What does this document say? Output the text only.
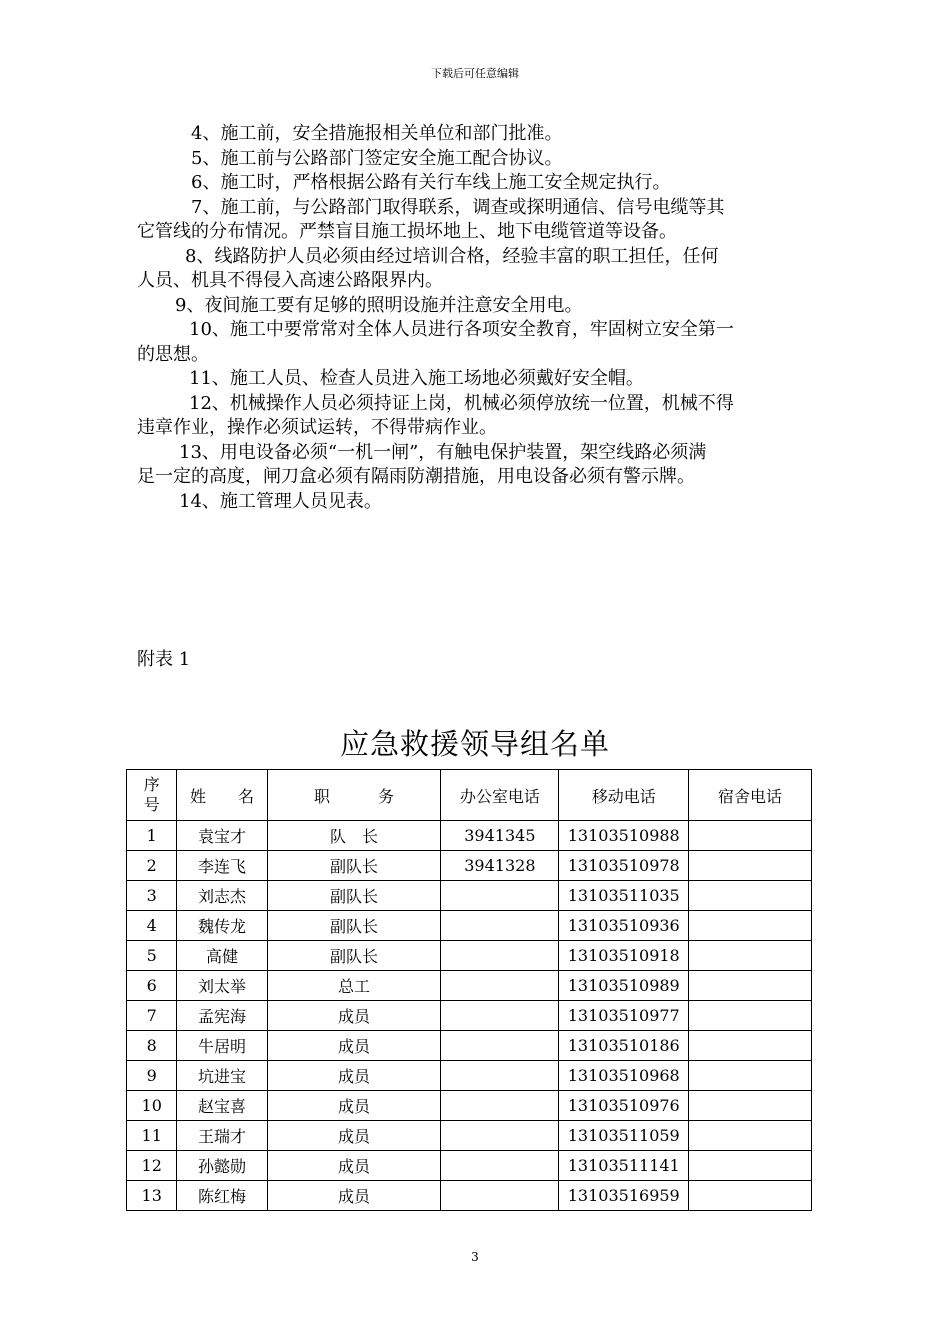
下载后可任意编辑
4、施工前，安全措施报相关单位和部门批准。
5、施工前与公路部门签定安全施工配合协议。
6、施工时，严格根据公路有关行车线上施工安全规定执行。
7、施工前，与公路部门取得联系，调查或探明通信、信号电缆等其
它管线的分布情况。严禁盲目施工损坏地上、地下电缆管道等设备。
8、线路防护人员必须由经过培训合格，经验丰富的职工担任，任何
人员、机具不得侵入高速公路限界内。
9、夜间施工要有足够的照明设施并注意安全用电。
10、施工中要常常对全体人员进行各项安全教育，牢固树立安全第一
的思想。
11、施工人员、检查人员进入施工场地必须戴好安全帽。
12、机械操作人员必须持证上岗，机械必须停放统一位置，机械不得
违章作业，操作必须试运转，不得带病作业。
13、用电设备必须“一机一闸”，有触电保护装置，架空线路必须满
足一定的高度，闸刀盒必须有隔雨防潮措施，用电设备必须有警示牌。
14、施工管理人员见表。
附表 1
应急救援领导组名单
序
号	姓　　名	职　　　务	办公室电话	移动电话	宿舍电话
1	袁宝才	队　长	3941345	13103510988	
2	李连飞	副队长	3941328	13103510978	
3	刘志杰	副队长		13103511035	
4	魏传龙	副队长		13103510936	
5	高健	副队长		13103510918	
6	刘太举	总工		13103510989	
7	孟宪海	成员		13103510977	
8	牛居明	成员		13103510186	
9	坑进宝	成员		13103510968	
10	赵宝喜	成员		13103510976	
11	王瑞才	成员		13103511059	
12	孙懿勋	成员		13103511141	
13	陈红梅	成员		13103516959	
3
